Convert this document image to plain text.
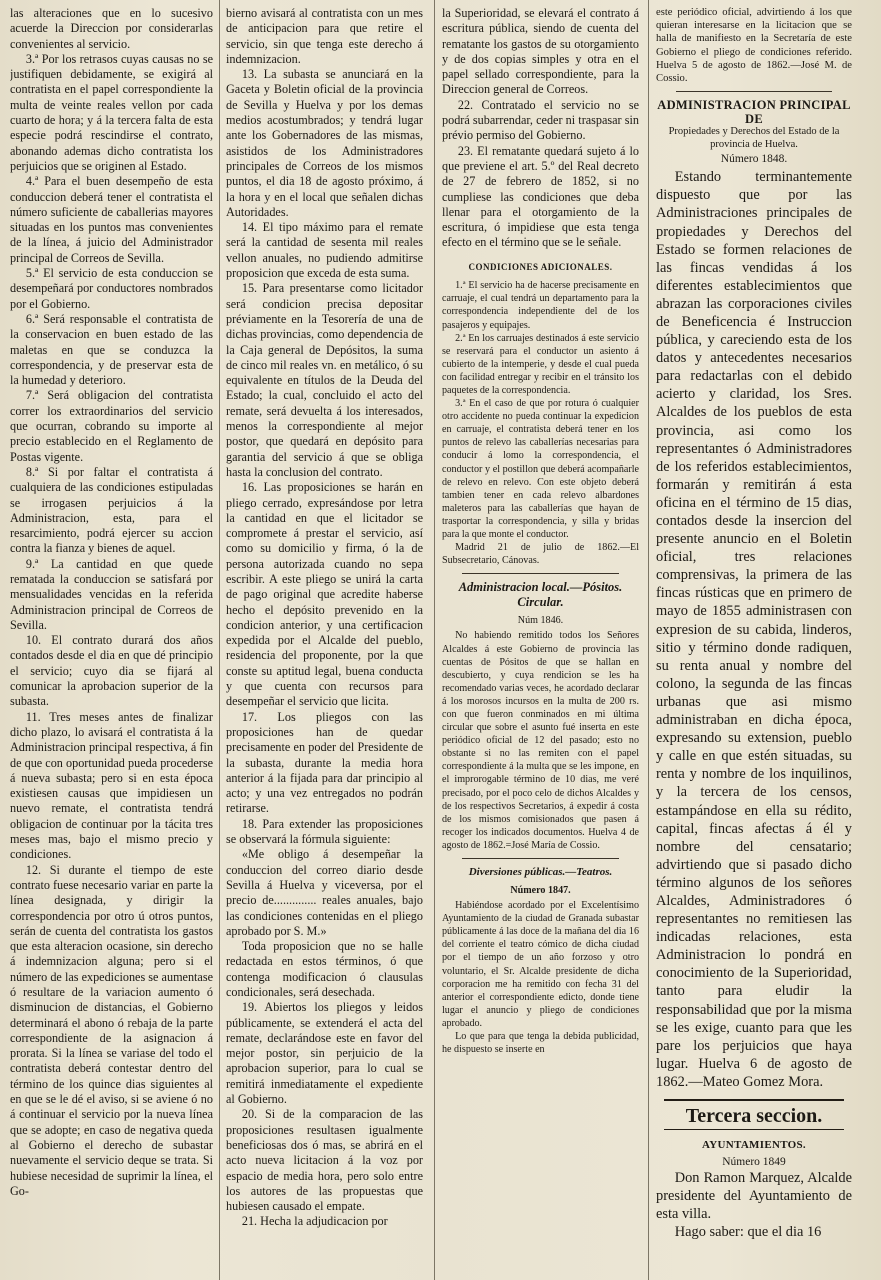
las alteraciones que en lo sucesivo acuerde la Direccion por considerarlas convenientes al servicio.

3.ª Por los retrasos cuyas causas no se justifiquen debidamente, se exigirá al contratista en el papel correspondiente la multa de veinte reales vellon por cada cuarto de hora; y á la tercera falta de esta especie podrá rescindirse el contrato, abonando ademas dicho contratista los perjuicios que se originen al Estado.

4.ª Para el buen desempeño de esta conduccion deberá tener el contratista el número suficiente de caballerias mayores situadas en los puntos mas convenientes de la línea, á juicio del Administrador principal de Correos de Sevilla.

5.ª El servicio de esta conduccion se desempeñará por conductores nombrados por el Gobierno.

6.ª Será responsable el contratista de la conservacion en buen estado de las maletas en que se conduzca la correspondencia, y de preservar esta de la humedad y deterioro.

7.ª Será obligacion del contratista correr los extraordinarios del servicio que ocurran, cobrando su importe al precio establecido en el Reglamento de Postas vigente.

8.ª Si por faltar el contratista á cualquiera de las condiciones estipuladas se irrogasen perjuicios á la Administracion, esta, para el resarcimiento, podrá ejercer su accion contra la fianza y bienes de aquel.

9.ª La cantidad en que quede rematada la conduccion se satisfará por mensualidades vencidas en la referida Administracion principal de Correos de Sevilla.

10. El contrato durará dos años contados desde el dia en que dé principio el servicio; cuyo dia se fijará al comunicar la aprobacion superior de la subasta.

11. Tres meses antes de finalizar dicho plazo, lo avisará el contratista á la Administracion principal respectiva, á fin de que con oportunidad pueda procederse á nueva subasta; pero si en esta época existiesen causas que impidiesen un nuevo remate, el contratista tendrá obligacion de continuar por la tácita tres meses mas, bajo el mismo precio y condiciones.

12. Si durante el tiempo de este contrato fuese necesario variar en parte la línea designada, y dirigir la correspondencia por otro ú otros puntos, serán de cuenta del contratista los gastos que esta alteracion ocasione, sin derecho á indemnizacion alguna; pero si el número de las expediciones se aumentase ó resultare de la variacion aumento ó disminucion de distancias, el Gobierno determinará el abono ó rebaja de la parte correspondiente de la asignacion á prorata. Si la línea se variase del todo el contratista deberá contestar dentro del término de los quince dias siguientes al en que se le dé el aviso, si se aviene ó no á continuar el servicio por la nueva línea que se adopte; en caso de negativa queda al Gobierno el derecho de subastar nuevamente el servicio deque se trata. Si hubiese necesidad de suprimir la línea, el Go-

bierno avisará al contratista con un mes de anticipacion para que retire el servicio, sin que tenga este derecho á indemnizacion.

13. La subasta se anunciará en la Gaceta y Boletin oficial de la provincia de Sevilla y Huelva y por los demas medios acostumbrados; y tendrá lugar ante los Gobernadores de las mismas, asistidos de los Administradores principales de Correos de los mismos puntos, el dia 18 de agosto próximo, á la hora y en el local que señalen dichas Autoridades.

14. El tipo máximo para el remate será la cantidad de sesenta mil reales vellon anuales, no pudiendo admitirse proposicion que exceda de esta suma.

15. Para presentarse como licitador será condicion precisa depositar préviamente en la Tesorería de una de dichas provincias, como dependencia de la Caja general de Depósitos, la suma de cinco mil reales vn. en metálico, ó su equivalente en títulos de la Deuda del Estado; la cual, concluido el acto del remate, será devuelta á los interesados, menos la correspondiente al mejor postor, que quedará en depósito para garantia del servicio á que se obliga hasta la conclusion del contrato.

16. Las proposiciones se harán en pliego cerrado, expresándose por letra la cantidad en que el licitador se compromete á prestar el servicio, así como su domicilio y firma, ó la de persona autorizada cuando no sepa escribir. A este pliego se unirá la carta de pago original que acredite haberse hecho el depósito prevenido en la condicion anterior, y una certificacion expedida por el Alcalde del pueblo, residencia del proponente, por la que conste su aptitud legal, buena conducta y que cuenta con recursos para desempeñar el servicio que licita.

17. Los pliegos con las proposiciones han de quedar precisamente en poder del Presidente de la subasta, durante la media hora anterior á la fijada para dar principio al acto; y una vez entregados no podrán retirarse.

18. Para extender las proposiciones se observará la fórmula siguiente:

«Me obligo á desempeñar la conduccion del correo diario desde Sevilla á Huelva y viceversa, por el precio de.............. reales anuales, bajo las condiciones contenidas en el pliego aprobado por S. M.»

Toda proposicion que no se halle redactada en estos términos, ó que contenga modificacion ó clausulas condicionales, será desechada.

19. Abiertos los pliegos y leidos públicamente, se extenderá el acta del remate, declarándose este en favor del mejor postor, sin perjuicio de la aprobacion superior, para lo cual se remitirá inmediatamente el expediente al Gobierno.

20. Si de la comparacion de las proposiciones resultasen igualmente beneficiosas dos ó mas, se abrirá en el acto nueva licitacion á la voz por espacio de media hora, pero solo entre los autores de las propuestas que hubiesen causado el empate.

21. Hecha la adjudicacion por

la Superioridad, se elevará el contrato á escritura pública, siendo de cuenta del rematante los gastos de su otorgamiento y de dos copias simples y otra en el papel sellado correspondiente, para la Direccion general de Correos.

22. Contratado el servicio no se podrá subarrendar, ceder ni traspasar sin prévio permiso del Gobierno.

23. El rematante quedará sujeto á lo que previene el art. 5.º del Real decreto de 27 de febrero de 1852, si no cumpliese las condiciones que deba llenar para el otorgamiento de la escritura, ó impidiese que esta tenga efecto en el término que se le señale.

CONDICIONES ADICIONALES.

1.ª El servicio ha de hacerse precisamente en carruaje, el cual tendrá un departamento para la correspondencia independiente del de los pasajeros y equipajes.

2.ª En los carruajes destinados á este servicio se reservará para el conductor un asiento á cubierto de la intemperie, y desde el cual pueda con facilidad entregar y recibir en el tránsito los paquetes de la correspondencia.

3.ª En el caso de que por rotura ó cualquier otro accidente no pueda continuar la expedicion en carruaje, el contratista deberá tener en los puntos de relevo las caballerías necesarias para conducir á lomo la correspondencia, el conductor y el postillon que deberá acompañarle de relevo en relevo. Con este objeto deberá tambien tener en cada relevo albardones maleteros para las caballerías que hayan de trasportar la correspondencia, y silla y bridas para la que monte el conductor.

Madrid 21 de julio de 1862.—El Subsecretario, Cánovas.

Administracion local.—Pósitos. Circular.

Núm 1846.

No habiendo remitido todos los Señores Alcaldes á este Gobierno de provincia las cuentas de Pósitos de que se hallan en descubierto, y cuya rendicion se les ha recomendado varias veces, he acordado declarar á los morosos incursos en la multa de 200 rs. con que fueron conminados en mi última circular que sobre el asunto fué inserta en este periódico oficial de 12 del pasado; esto no obstante si no las remiten con el papel correspondiente á la multa que se les impone, en el improrogable término de 10 dias, me veré precisado, por el poco celo de dichos Alcaldes y de los respectivos Secretarios, á expedir á costa de los mismos comisionados que pasen á recoger los indicados documentos. Huelva 4 de agosto de 1862.=José María de Cossio.

Diversiones públicas.—Teatros.

Número 1847.

Habiéndose acordado por el Excelentísimo Ayuntamiento de la ciudad de Granada subastar públicamente á las doce de la mañana del dia 16 del corriente el teatro cómico de dicha ciudad por el tiempo de un año forzoso y otro voluntario, el Sr. Alcalde presidente de dicha corporacion me ha remitido con fecha 31 del anterior el correspondiente edicto, donde tiene lugar el anuncio y pliego de condiciones aprobado.

Lo que para que tenga la debida publicidad, he dispuesto se inserte en

este periódico oficial, advirtiendo á los que quieran interesarse en la licitacion que se halla de manifiesto en la Secretaría de este Gobierno el pliego de condiciones referido. Huelva 5 de agosto de 1862.—José M. de Cossio.

ADMINISTRACION PRINCIPAL DE

Propiedades y Derechos del Estado de la provincia de Huelva.

Número 1848.

Estando terminantemente dispuesto que por las Administraciones principales de propiedades y Derechos del Estado se formen relaciones de las fincas vendidas á los diferentes establecimientos que abrazan las corporaciones civiles de Beneficencia é Instruccion pública, y careciendo esta de los datos y antecedentes necesarios para redactarlas con el debido acierto y claridad, los Sres. Alcaldes de los pueblos de esta provincia, asi como los representantes ó Administradores de los referidos establecimientos, formarán y remitirán á esta oficina en el término de 15 dias, contados desde la insercion del presente anuncio en el Boletin oficial, tres relaciones comprensivas, la primera de las fincas rústicas que en primero de mayo de 1855 administrasen con expresion de su cabida, linderos, sitio y término donde radiquen, su renta anual y nombre del colono, la segunda de las fincas urbanas que asi mismo administraban en dicha época, expresando su extension, pueblo y calle en que estén situadas, su renta y nombre de los inquilinos, y la tercera de los censos, estampándose en ella su rédito, capital, fincas afectas á él y nombre del censatario; advirtiendo que si pasado dicho término algunos de los señores Alcaldes, Administradores ó representantes no remitiesen las indicadas relaciones, esta Administracion lo pondrá en conocimiento de la Superioridad, tanto para eludir la responsabilidad que por la misma se les exige, cuanto para que les pare los perjuicios que haya lugar. Huelva 6 de agosto de 1862.—Mateo Gomez Mora.

Tercera seccion.

AYUNTAMIENTOS.

Número 1849

Don Ramon Marquez, Alcalde presidente del Ayuntamiento de esta villa.

Hago saber: que el dia 16
